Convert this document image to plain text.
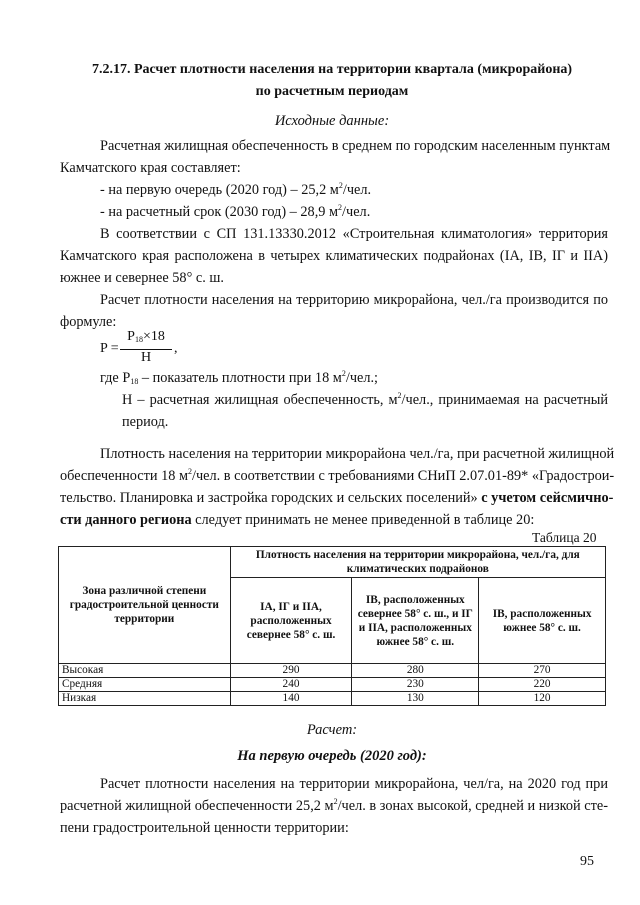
7.2.17. Расчет плотности населения на территории квартала (микрорайона)
по расчетным периодам
Исходные данные:
Расчетная жилищная обеспеченность в среднем по городским населенным пунктам
Камчатского края составляет:
- на первую очередь (2020 год) – 25,2 $м^2$/чел.
- на расчетный срок (2030 год) – 28,9 $м^2$/чел.
В соответствии с СП 131.13330.2012 «Строительная климатология» территория
Камчатского края расположена в четырех климатических подрайонах (IА, IВ, IГ и IIА)
южнее и севернее 58° с. ш.
Расчет плотности населения на территорию микрорайона, чел./га производится по
формуле:
P =
$P_{18}\times 18$
H
,
где $P_{18}$ – показатель плотности при 18 $м^2$/чел.;
Н – расчетная жилищная обеспеченность, $м^2$/чел., принимаемая на расчетный
период.
Плотность населения на территории микрорайона чел./га, при расчетной жилищной
обеспеченности 18 $м^2$/чел. в соответствии с требованиями СНиП 2.07.01-89* «Градострои-
тельство. Планировка и застройка городских и сельских поселений» с учетом сейсмично-
сти данного региона следует принимать не менее приведенной в таблице 20:
Таблица 20
Зона различной степени градостроительной ценности территории	Плотность населения на территории микрорайона, чел./га, для климатических подрайонов		
	IА, IГ и IIА, расположенных севернее 58° с. ш.	IВ, расположенных севернее 58° с. ш., и IГ и IIА, расположенных южнее 58° с. ш.	IВ, расположенных южнее 58° с. ш.
Высокая	290	280	270
Средняя	240	230	220
Низкая	140	130	120
Расчет:
На первую очередь (2020 год):
Расчет плотности населения на территории микрорайона, чел/га, на 2020 год при
расчетной жилищной обеспеченности 25,2 $м^2$/чел. в зонах высокой, средней и низкой сте-
пени градостроительной ценности территории:
95
